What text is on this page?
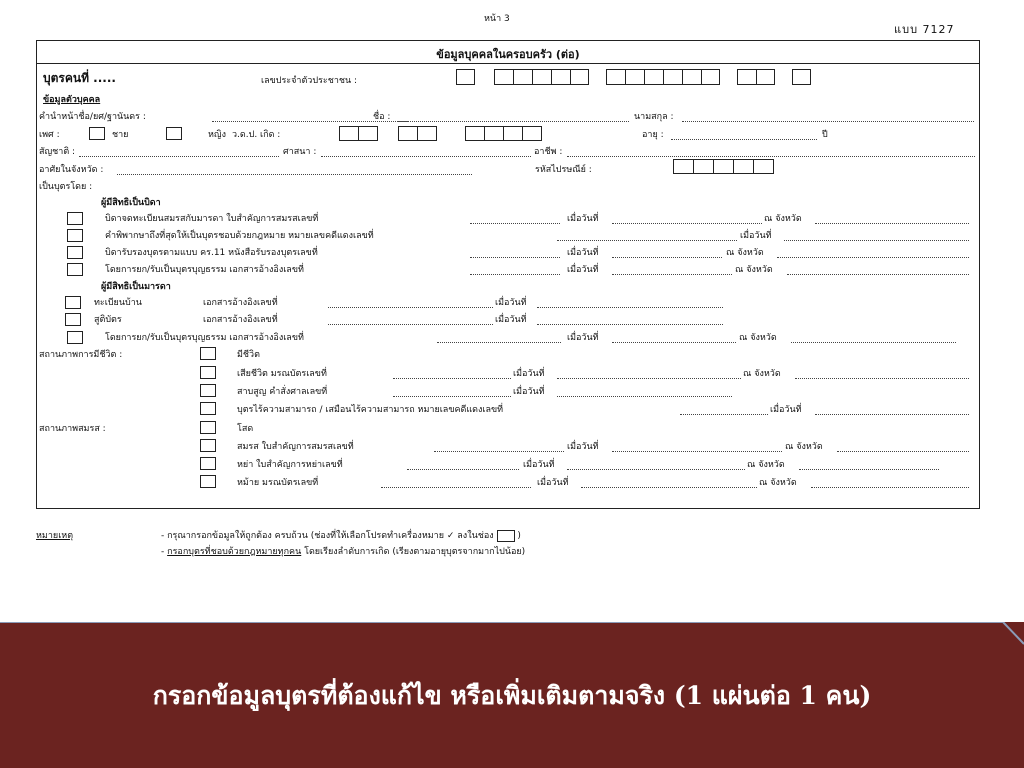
หน้า 3
แบบ 7127
ข้อมูลบุคคลในครอบครัว (ต่อ)
บุตรคนที่ .....	เลขประจำตัวประชาชน :
ข้อมูลตัวบุคคล
คำนำหน้าชื่อ/ยศ/ฐานันดร :	ชื่อ :	นามสกุล :
เพศ :	ชาย	หญิง ว.ด.ป. เกิด :	อายุ :	ปี
สัญชาติ :	ศาสนา :	อาชีพ :
อาศัยในจังหวัด :	รหัสไปรษณีย์ :
เป็นบุตรโดย :
ผู้มีสิทธิเป็นบิดา
บิดาจดทะเบียนสมรสกับมารดา ใบสำคัญการสมรสเลขที่	เมื่อวันที่	ณ จังหวัด
คำพิพากษาถึงที่สุดให้เป็นบุตรชอบด้วยกฎหมาย หมายเลขคดีแดงเลขที่	เมื่อวันที่
บิดารับรองบุตรตามแบบ คร.11 หนังสือรับรองบุตรเลขที่	เมื่อวันที่	ณ จังหวัด
โดยการยก/รับเป็นบุตรบุญธรรม เอกสารอ้างอิงเลขที่	เมื่อวันที่	ณ จังหวัด
ผู้มีสิทธิเป็นมารดา
ทะเบียนบ้าน	เอกสารอ้างอิงเลขที่	เมื่อวันที่
สูติบัตร	เอกสารอ้างอิงเลขที่	เมื่อวันที่
โดยการยก/รับเป็นบุตรบุญธรรม เอกสารอ้างอิงเลขที่	เมื่อวันที่	ณ จังหวัด
สถานภาพการมีชีวิต :	มีชีวิต
เสียชีวิต มรณบัตรเลขที่	เมื่อวันที่	ณ จังหวัด
สาบสูญ คำสั่งศาลเลขที่	เมื่อวันที่
บุตรไร้ความสามารถ / เสมือนไร้ความสามารถ หมายเลขคดีแดงเลขที่	เมื่อวันที่
สถานภาพสมรส :	โสด
สมรส ใบสำคัญการสมรสเลขที่	เมื่อวันที่	ณ จังหวัด
หย่า ใบสำคัญการหย่าเลขที่	เมื่อวันที่	ณ จังหวัด
หม้าย มรณบัตรเลขที่	เมื่อวันที่	ณ จังหวัด
หมายเหตุ	- กรุณากรอกข้อมูลให้ถูกต้อง ครบถ้วน (ช่องที่ให้เลือกโปรดทำเครื่องหมาย ✓ ลงในช่อง	)
- กรอกบุตรที่ชอบด้วยกฎหมายทุกคน โดยเรียงลำดับการเกิด (เรียงตามอายุบุตรจากมากไปน้อย)
กรอกข้อมูลบุตรที่ต้องแก้ไข หรือเพิ่มเติมตามจริง (1 แผ่นต่อ 1 คน)
